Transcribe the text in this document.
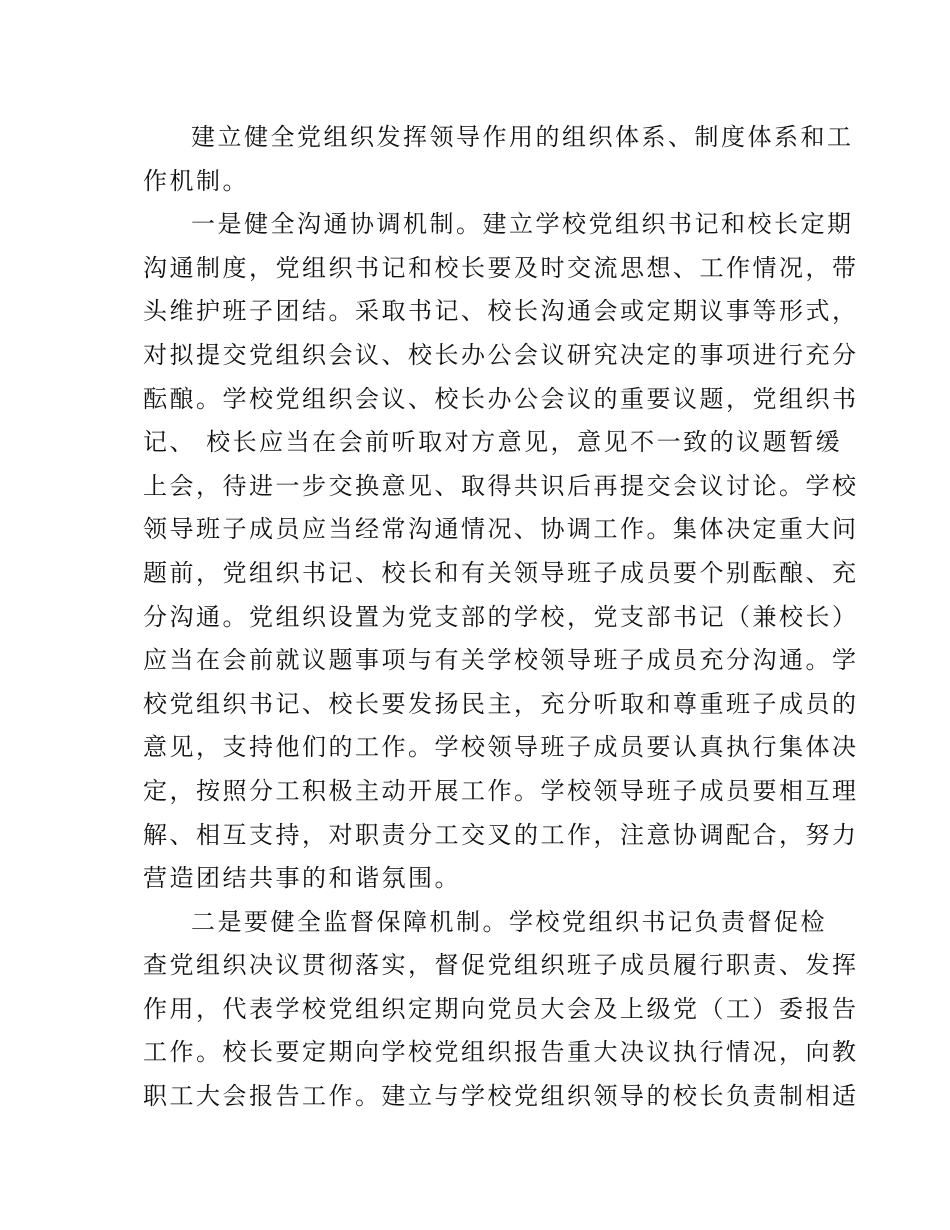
建立健全党组织发挥领导作用的组织体系、制度体系和工

作机制。

一是健全沟通协调机制。建立学校党组织书记和校长定期

沟通制度，党组织书记和校长要及时交流思想、工作情况，带

头维护班子团结。采取书记、校长沟通会或定期议事等形式，

对拟提交党组织会议、校长办公会议研究决定的事项进行充分

酝酿。学校党组织会议、校长办公会议的重要议题，党组织书

记、 校长应当在会前听取对方意见，意见不一致的议题暂缓

上会，待进一步交换意见、取得共识后再提交会议讨论。学校

领导班子成员应当经常沟通情况、协调工作。集体决定重大问

题前，党组织书记、校长和有关领导班子成员要个别酝酿、充

分沟通。党组织设置为党支部的学校，党支部书记（兼校长）

应当在会前就议题事项与有关学校领导班子成员充分沟通。学

校党组织书记、校长要发扬民主，充分听取和尊重班子成员的

意见，支持他们的工作。学校领导班子成员要认真执行集体决

定，按照分工积极主动开展工作。学校领导班子成员要相互理

解、相互支持，对职责分工交叉的工作，注意协调配合，努力

营造团结共事的和谐氛围。

二是要健全监督保障机制。学校党组织书记负责督促检

查党组织决议贯彻落实，督促党组织班子成员履行职责、发挥

作用，代表学校党组织定期向党员大会及上级党（工）委报告

工作。校长要定期向学校党组织报告重大决议执行情况，向教

职工大会报告工作。建立与学校党组织领导的校长负责制相适
